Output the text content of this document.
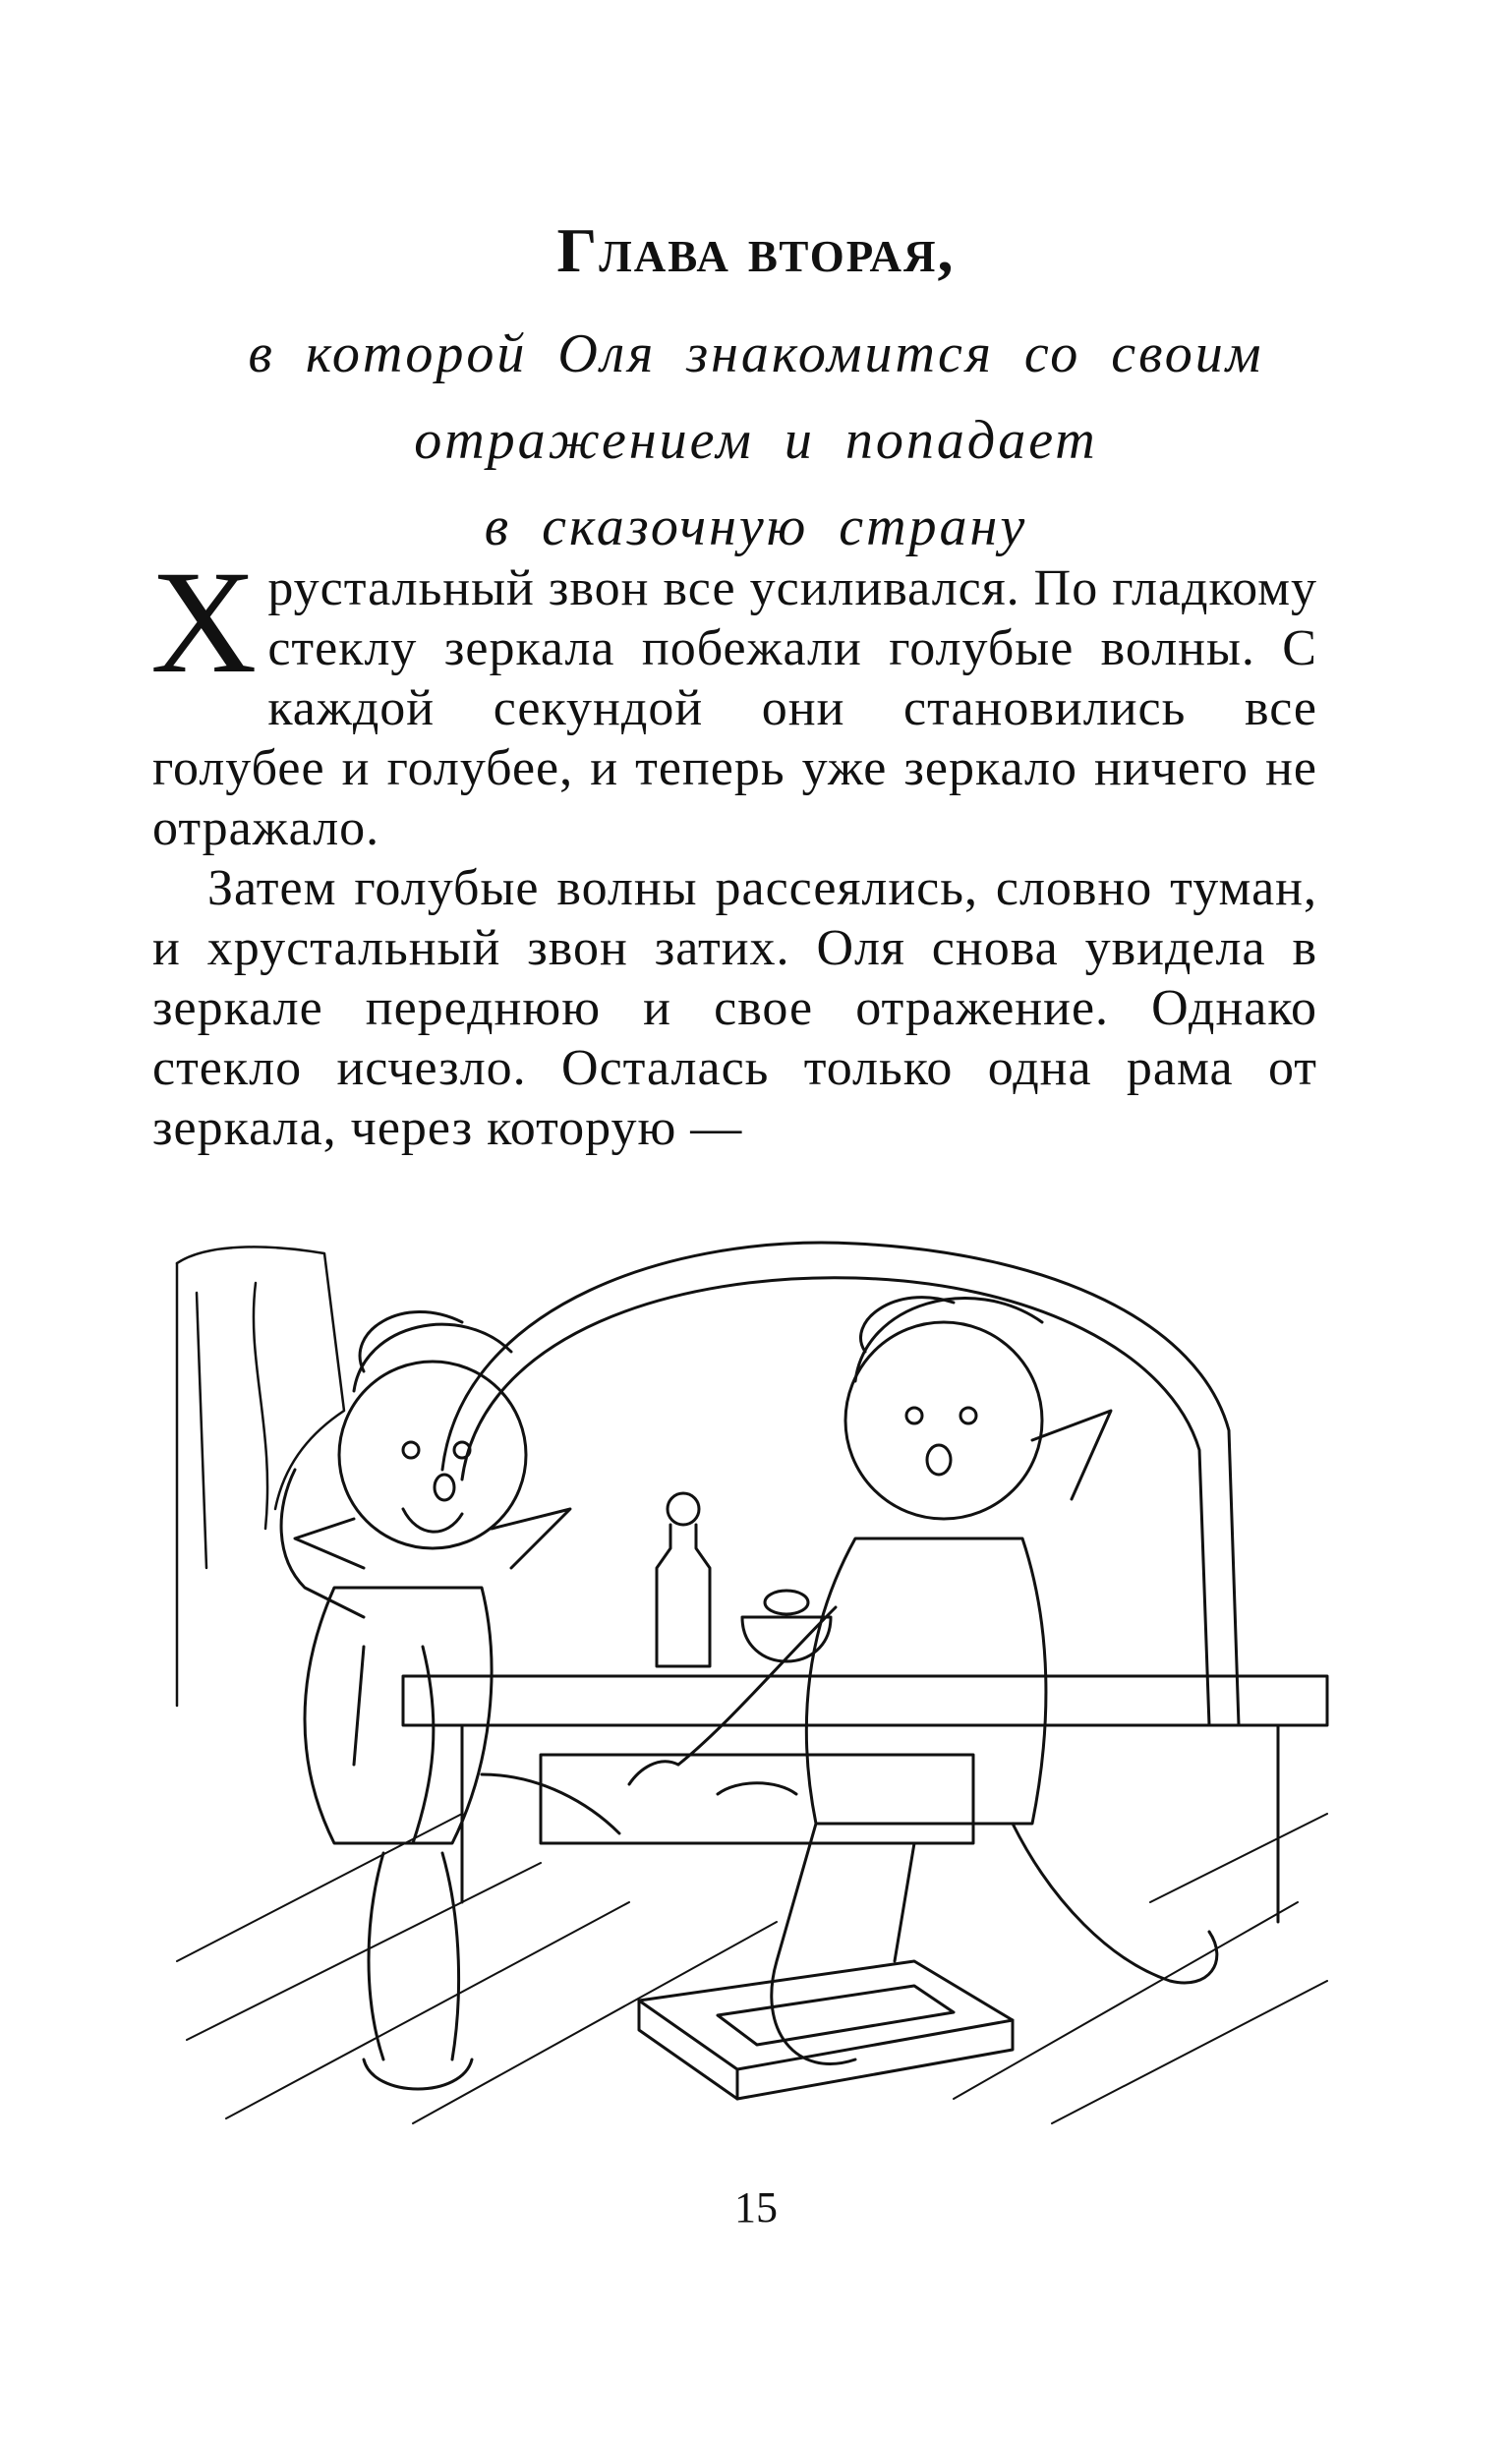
Глава вторая,
в которой Оля знакомится со своим
отражением и попадает
в сказочную страну

Хрустальный звон все усиливался. По гладкому стеклу зеркала побежали голубые волны. С каждой секундой они становились все голубее и голубее, и теперь уже зеркало ничего не отражало.

Затем голубые волны рассеялись, словно туман, и хрустальный звон затих. Оля снова увидела в зеркале переднюю и свое отражение. Однако стекло исчезло. Осталась только одна рама от зеркала, через которую —

15
